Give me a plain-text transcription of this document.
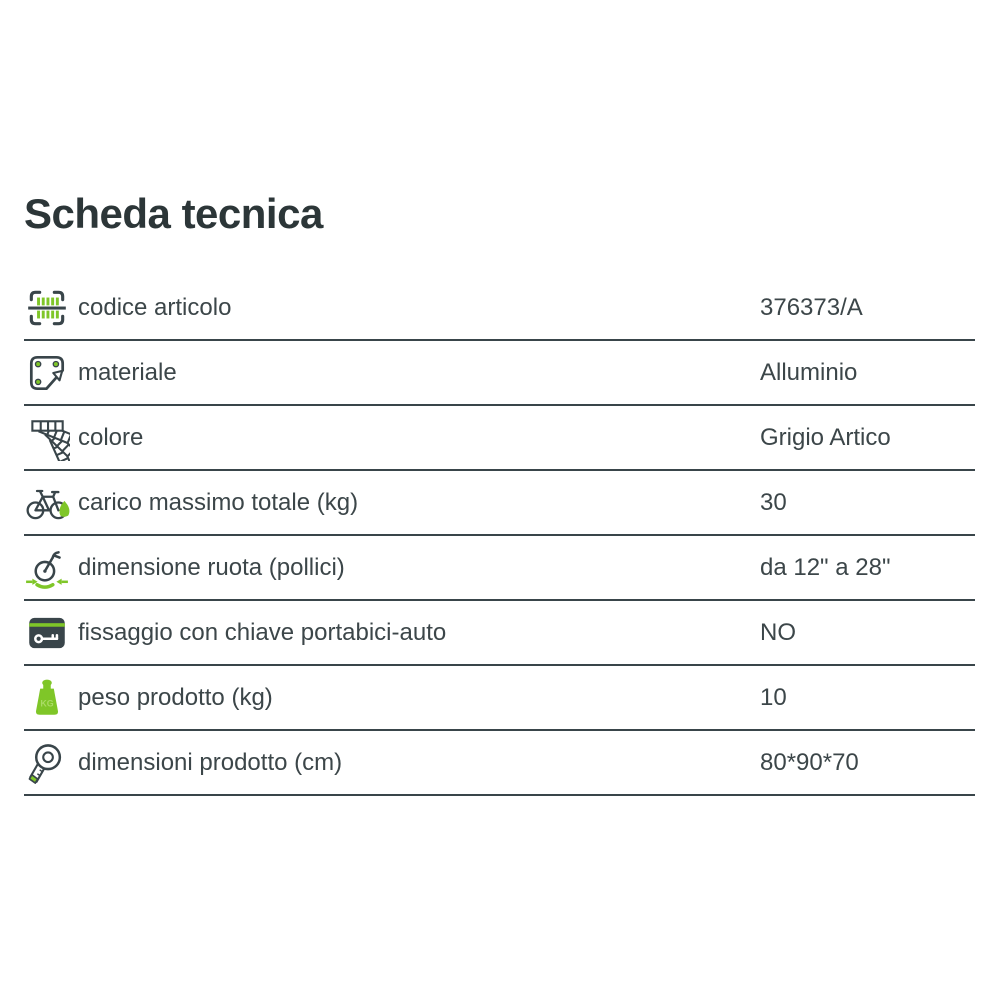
Scheda tecnica
codice articolo	376373/A
materiale	Alluminio
colore	Grigio Artico
carico massimo totale (kg)	30
dimensione ruota (pollici)	da 12" a 28"
fissaggio con chiave portabici-auto	NO
KG peso prodotto (kg)	10
dimensioni prodotto (cm)	80*90*70
